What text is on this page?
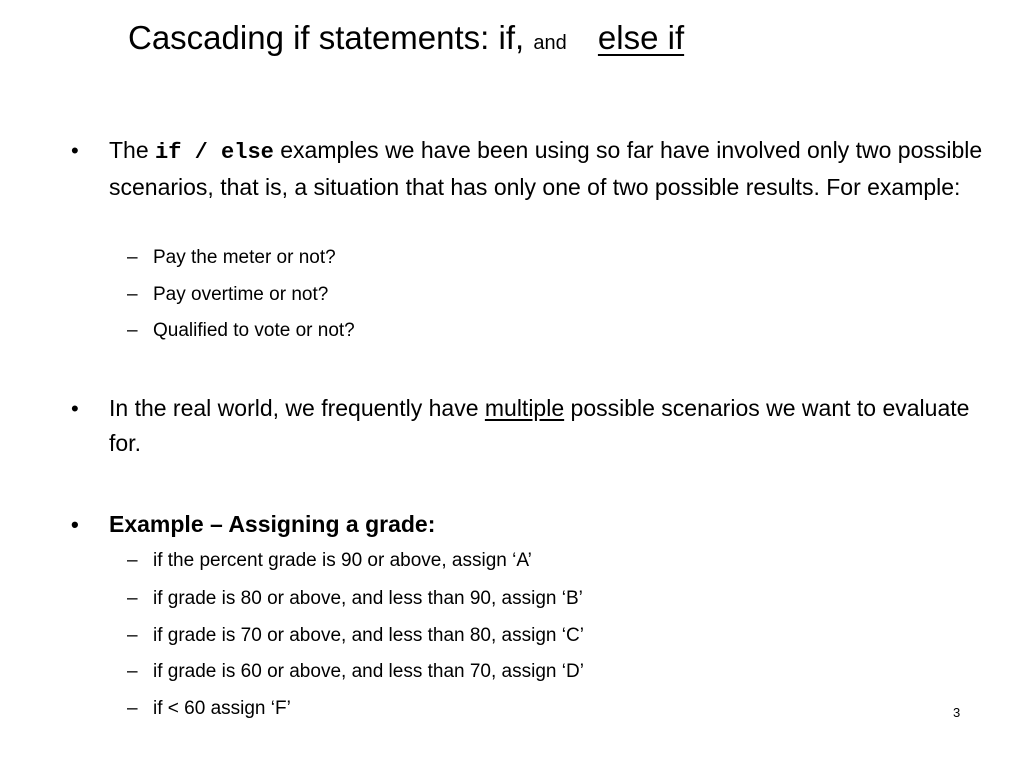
Cascading if statements: if, and else if
• The if / else examples we have been using so far have involved only two possible scenarios, that is, a situation that has only one of two possible results. For example:
– Pay the meter or not?
– Pay overtime or not?
– Qualified to vote or not?
• In the real world, we frequently have multiple possible scenarios we want to evaluate for.
• Example – Assigning a grade:
– if the percent grade is 90 or above, assign ‘A’
– if grade is 80 or above, and less than 90, assign ‘B’
– if grade is 70 or above, and less than 80, assign ‘C’
– if grade is 60 or above, and less than 70, assign ‘D’
– if < 60 assign ‘F’	3
